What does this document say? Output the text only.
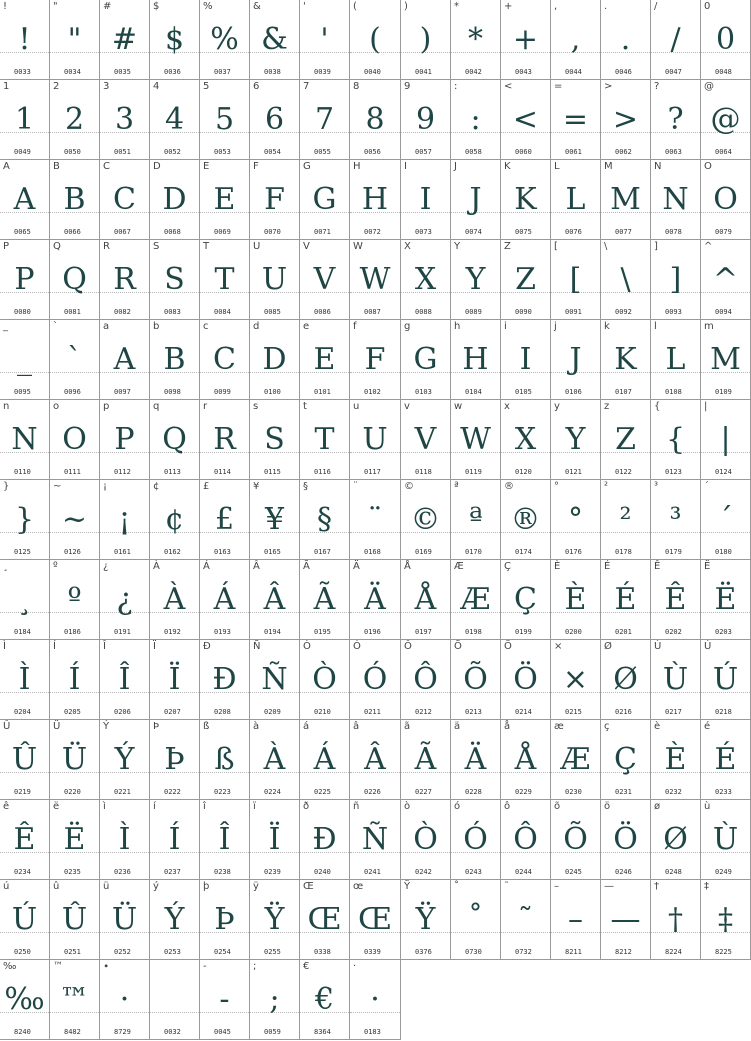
!
!
0033
"
"
0034
#
#
0035
$
$
0036
%
%
0037
&
&
0038
'
'
0039
(
(
0040
)
)
0041
*
*
0042
+
+
0043
,
,
0044
.
.
0046
/
/
0047
0
0
0048
1
1
0049
2
2
0050
3
3
0051
4
4
0052
5
5
0053
6
6
0054
7
7
0055
8
8
0056
9
9
0057
:
:
0058
<
<
0060
=
=
0061
>
>
0062
?
?
0063
@
@
0064
A
A
0065
B
B
0066
C
C
0067
D
D
0068
E
E
0069
F
F
0070
G
G
0071
H
H
0072
I
I
0073
J
J
0074
K
K
0075
L
L
0076
M
M
0077
N
N
0078
O
O
0079
P
P
0080
Q
Q
0081
R
R
0082
S
S
0083
T
T
0084
U
U
0085
V
V
0086
W
W
0087
X
X
0088
Y
Y
0089
Z
Z
0090
[
[
0091
\
\
0092
]
]
0093
^
^
0094
_
_
0095
`
`
0096
a
A
0097
b
B
0098
c
C
0099
d
D
0100
e
E
0101
f
F
0102
g
G
0103
h
H
0104
i
I
0105
j
J
0106
k
K
0107
l
L
0108
m
M
0109
n
N
0110
o
O
0111
p
P
0112
q
Q
0113
r
R
0114
s
S
0115
t
T
0116
u
U
0117
v
V
0118
w
W
0119
x
X
0120
y
Y
0121
z
Z
0122
{
{
0123
|
|
0124
}
}
0125
~
~
0126
¡
¡
0161
¢
¢
0162
£
£
0163
¥
¥
0165
§
§
0167
¨
¨
0168
©
©
0169
ª
ª
0170
®
®
0174
°
°
0176
²
²
0178
³
³
0179
´
´
0180
¸
¸
0184
º
º
0186
¿
¿
0191
À
À
0192
Á
Á
0193
Â
Â
0194
Ã
Ã
0195
Ä
Ä
0196
Å
Å
0197
Æ
Æ
0198
Ç
Ç
0199
È
È
0200
É
É
0201
Ê
Ê
0202
Ë
Ë
0203
Ì
Ì
0204
Í
Í
0205
Î
Î
0206
Ï
Ï
0207
Ð
Ð
0208
Ñ
Ñ
0209
Ò
Ò
0210
Ó
Ó
0211
Ô
Ô
0212
Õ
Õ
0213
Ö
Ö
0214
×
×
0215
Ø
Ø
0216
Ù
Ù
0217
Ú
Ú
0218
Û
Û
0219
Ü
Ü
0220
Ý
Ý
0221
Þ
Þ
0222
ß
ß
0223
à
À
0224
á
Á
0225
â
Â
0226
ã
Ã
0227
ä
Ä
0228
å
Å
0229
æ
Æ
0230
ç
Ç
0231
è
È
0232
é
É
0233
ê
Ê
0234
ë
Ë
0235
ì
Ì
0236
í
Í
0237
î
Î
0238
ï
Ï
0239
ð
Ð
0240
ñ
Ñ
0241
ò
Ò
0242
ó
Ó
0243
ô
Ô
0244
õ
Õ
0245
ö
Ö
0246
ø
Ø
0248
ù
Ù
0249
ú
Ú
0250
û
Û
0251
ü
Ü
0252
ý
Ý
0253
þ
Þ
0254
ÿ
Ÿ
0255
Œ
Œ
0338
œ
Œ
0339
Ÿ
Ÿ
0376
˚
˚
0730
˜
˜
0732
–
–
8211
—
—
8212
†
†
8224
‡
‡
8225
‰
‰
8240
™
™
8482
∙
·
8729	0032
-
-
0045
;
;
0059
€
€
8364
·
·
0183
